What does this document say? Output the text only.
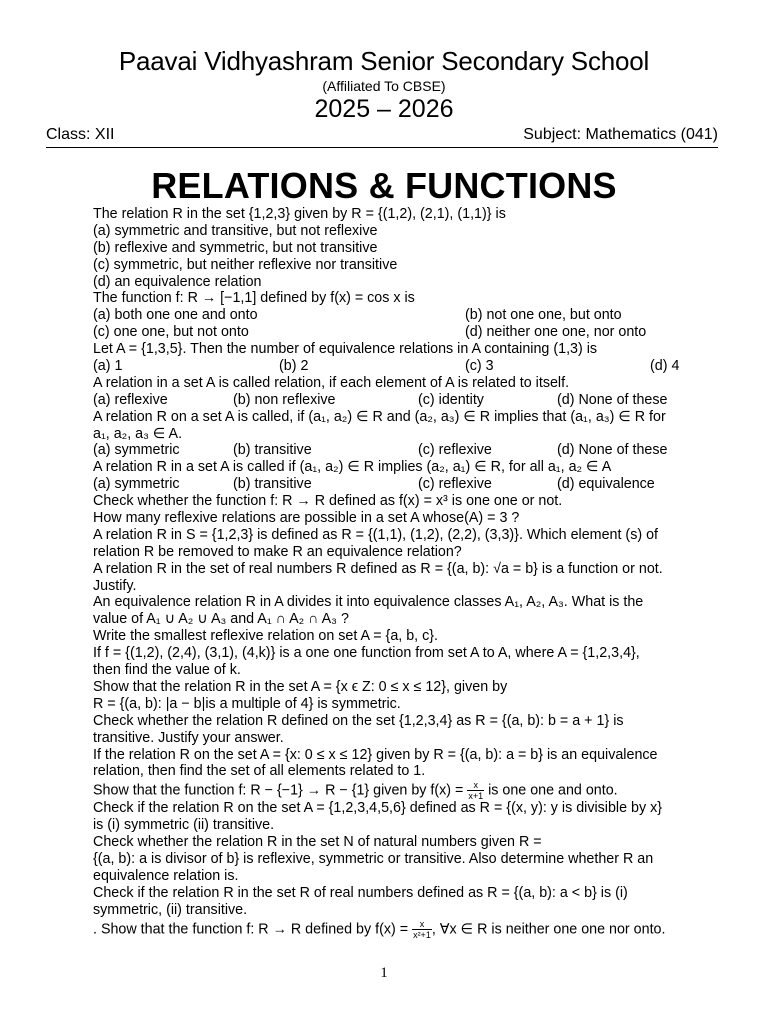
Paavai Vidhyashram Senior Secondary School
(Affiliated To CBSE)
2025 – 2026
Class: XII	Subject: Mathematics (041)
RELATIONS & FUNCTIONS
The relation R in the set {1,2,3} given by R = {(1,2), (2,1), (1,1)} is
(a) symmetric and transitive, but not reflexive
(b) reflexive and symmetric, but not transitive
(c) symmetric, but neither reflexive nor transitive
(d) an equivalence relation
The function f: R → [−1,1] defined by f(x) = cos x is
(a) both one one and onto	(b) not one one, but onto
(c) one one, but not onto	(d) neither one one, nor onto
Let A = {1,3,5}. Then the number of equivalence relations in A containing (1,3) is
(a) 1	(b) 2	(c) 3	(d) 4
A relation in a set A is called relation, if each element of A is related to itself.
(a) reflexive	(b) non reflexive	(c) identity	(d) None of these
A relation R on a set A is called, if (a₁, a₂) ∈ R and (a₂, a₃) ∈ R implies that (a₁, a₃) ∈ R for
a₁, a₂, a₃ ∈ A.
(a) symmetric	(b) transitive	(c) reflexive	(d) None of these
A relation R in a set A is called if (a₁, a₂) ∈ R implies (a₂, a₁) ∈ R, for all a₁, a₂ ∈ A
(a) symmetric	(b) transitive	(c) reflexive	(d) equivalence
Check whether the function f: R → R defined as f(x) = x³ is one one or not.
How many reflexive relations are possible in a set A whose(A) = 3 ?
A relation R in S = {1,2,3} is defined as R = {(1,1), (1,2), (2,2), (3,3)}. Which element (s) of
relation R be removed to make R an equivalence relation?
A relation R in the set of real numbers R defined as R = {(a, b): √a = b} is a function or not.
Justify.
An equivalence relation R in A divides it into equivalence classes A₁, A₂, A₃. What is the
value of A₁ ∪ A₂ ∪ A₃ and A₁ ∩ A₂ ∩ A₃ ?
Write the smallest reflexive relation on set A = {a, b, c}.
If f = {(1,2), (2,4), (3,1), (4,k)} is a one one function from set A to A, where A = {1,2,3,4},
then find the value of k.
Show that the relation R in the set A = {x ϵ Z: 0 ≤ x ≤ 12}, given by
R = {(a, b): |a − b|is a multiple of 4} is symmetric.
Check whether the relation R defined on the set {1,2,3,4} as R = {(a, b): b = a + 1} is
transitive. Justify your answer.
If the relation R on the set A = {x: 0 ≤ x ≤ 12} given by R = {(a, b): a = b} is an equivalence
relation, then find the set of all elements related to 1.
Show that the function f: R − {−1} → R − {1} given by $f(x) = \frac{x}{x+1}$ is one one and onto.
Check if the relation R on the set A = {1,2,3,4,5,6} defined as R = {(x, y): y is divisible by x}
is (i) symmetric (ii) transitive.
Check whether the relation R in the set N of natural numbers given R =
{(a, b): a is divisor of b} is reflexive, symmetric or transitive. Also determine whether R an
equivalence relation is.
Check if the relation R in the set R of real numbers defined as R = {(a, b): a < b} is (i)
symmetric, (ii) transitive.
. Show that the function f: R → R defined by $f(x) = \frac{x}{\text{x²+1}}$ , ∀x ∈ R is neither one one nor onto.
1
